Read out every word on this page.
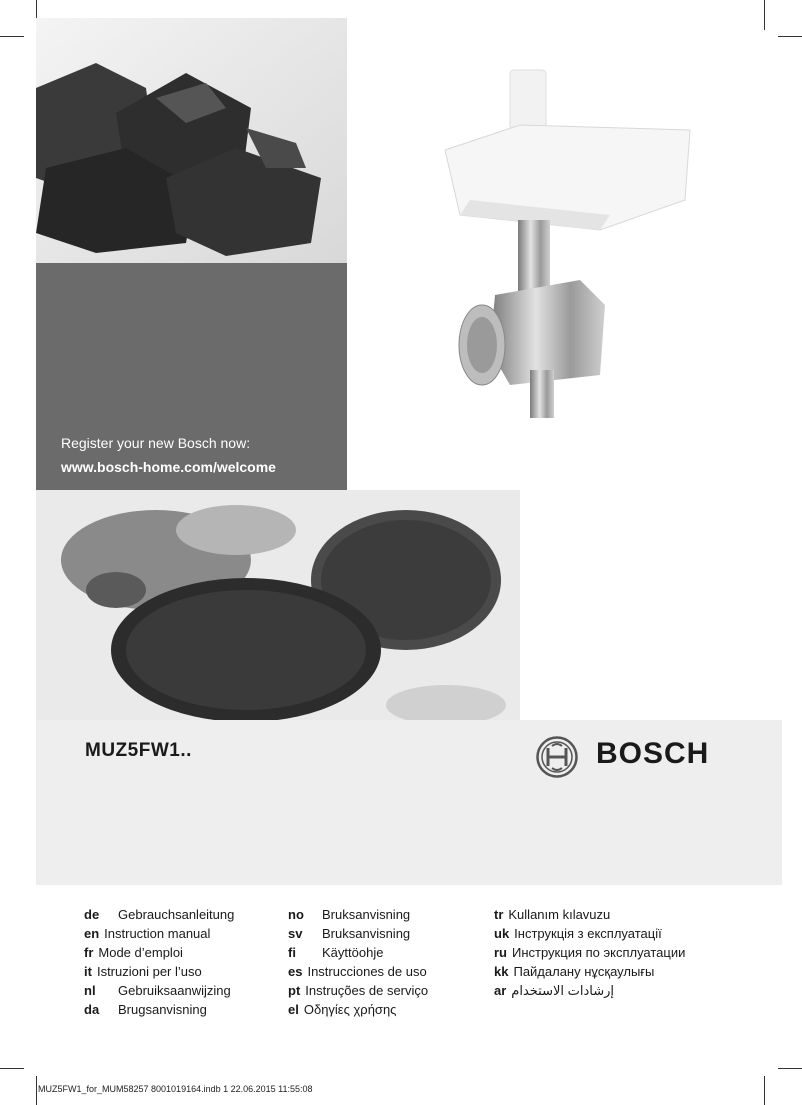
Register your new Bosch now:
www.bosch-home.com/welcome
MUZ5FW1..	BOSCH
de Gebrauchsanleitung
en Instruction manual
fr Mode d’emploi
it Istruzioni per l’uso
nl Gebruiksaanwijzing
da Brugsanvisning
no Bruksanvisning
sv Bruksanvisning
fi Käyttöohje
es Instrucciones de uso
pt Instruções de serviço
el Οδηγίες χρήσης
tr Kullanım kılavuzu
uk Інструкція з експлуатації
ru Инструкция по эксплуатации
kk Пайдалану нұсқаулығы
ar إرشادات الاستخدام
MUZ5FW1_for_MUM58257 8001019164.indb 1 22.06.2015 11:55:08
